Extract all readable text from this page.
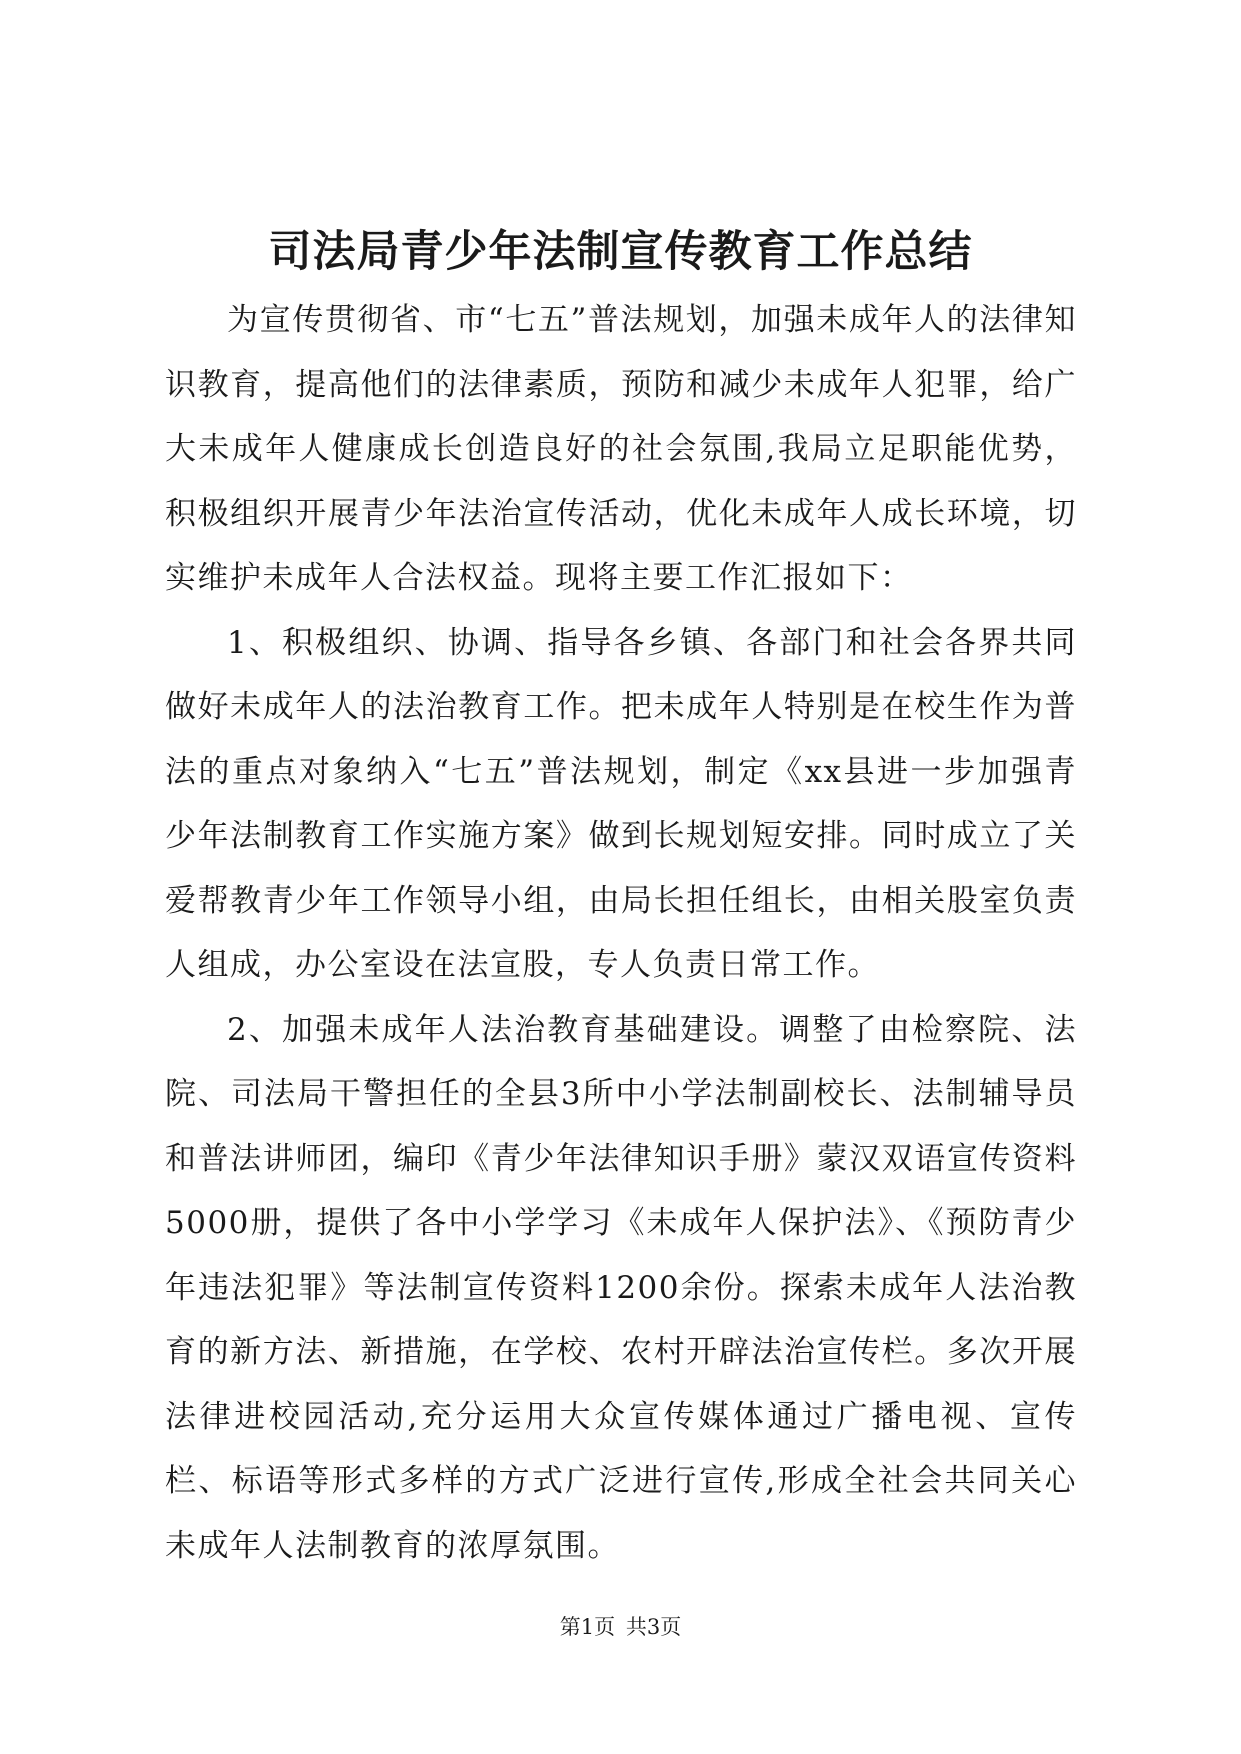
司法局青少年法制宣传教育工作总结

为宣传贯彻省、市“七五”普法规划，加强未成年人的法律知识教育，提高他们的法律素质，预防和减少未成年人犯罪，给广大未成年人健康成长创造良好的社会氛围,我局立足职能优势，积极组织开展青少年法治宣传活动，优化未成年人成长环境，切实维护未成年人合法权益。现将主要工作汇报如下：

1、积极组织、协调、指导各乡镇、各部门和社会各界共同做好未成年人的法治教育工作。把未成年人特别是在校生作为普法的重点对象纳入“七五”普法规划，制定《xx县进一步加强青少年法制教育工作实施方案》做到长规划短安排。同时成立了关爱帮教青少年工作领导小组，由局长担任组长，由相关股室负责人组成，办公室设在法宣股，专人负责日常工作。

2、加强未成年人法治教育基础建设。调整了由检察院、法院、司法局干警担任的全县3所中小学法制副校长、法制辅导员和普法讲师团，编印《青少年法律知识手册》蒙汉双语宣传资料5000册，提供了各中小学学习《未成年人保护法》、《预防青少年违法犯罪》等法制宣传资料1200余份。探索未成年人法治教育的新方法、新措施，在学校、农村开辟法治宣传栏。多次开展法律进校园活动,充分运用大众宣传媒体通过广播电视、宣传栏、标语等形式多样的方式广泛进行宣传,形成全社会共同关心未成年人法制教育的浓厚氛围。

第1页 共3页
